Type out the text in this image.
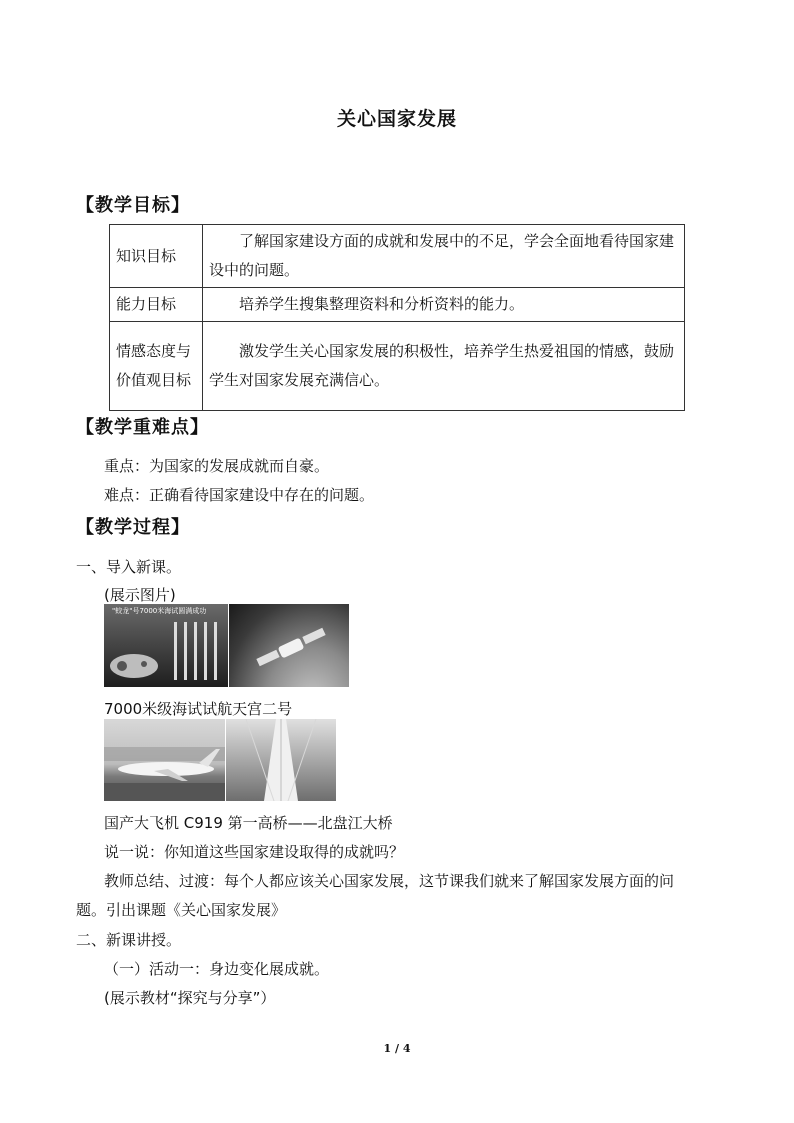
关心国家发展
【教学目标】
知识目标	了解国家建设方面的成就和发展中的不足，学会全面地看待国家建设中的问题。
能力目标	培养学生搜集整理资料和分析资料的能力。
情感态度与价值观目标	激发学生关心国家发展的积极性，培养学生热爱祖国的情感，鼓励学生对国家发展充满信心。
【教学重难点】
重点：为国家的发展成就而自豪。
难点：正确看待国家建设中存在的问题。
【教学过程】
一、导入新课。
(展示图片)
"蛟龙"号7000米海试圆满成功
7000米级海试试航天宫二号
国产大飞机 C919 第一高桥——北盘江大桥
说一说：你知道这些国家建设取得的成就吗？
教师总结、过渡：每个人都应该关心国家发展，这节课我们就来了解国家发展方面的问
题。引出课题《关心国家发展》
二、新课讲授。
（一）活动一：身边变化展成就。
(展示教材“探究与分享”）
1 / 4
